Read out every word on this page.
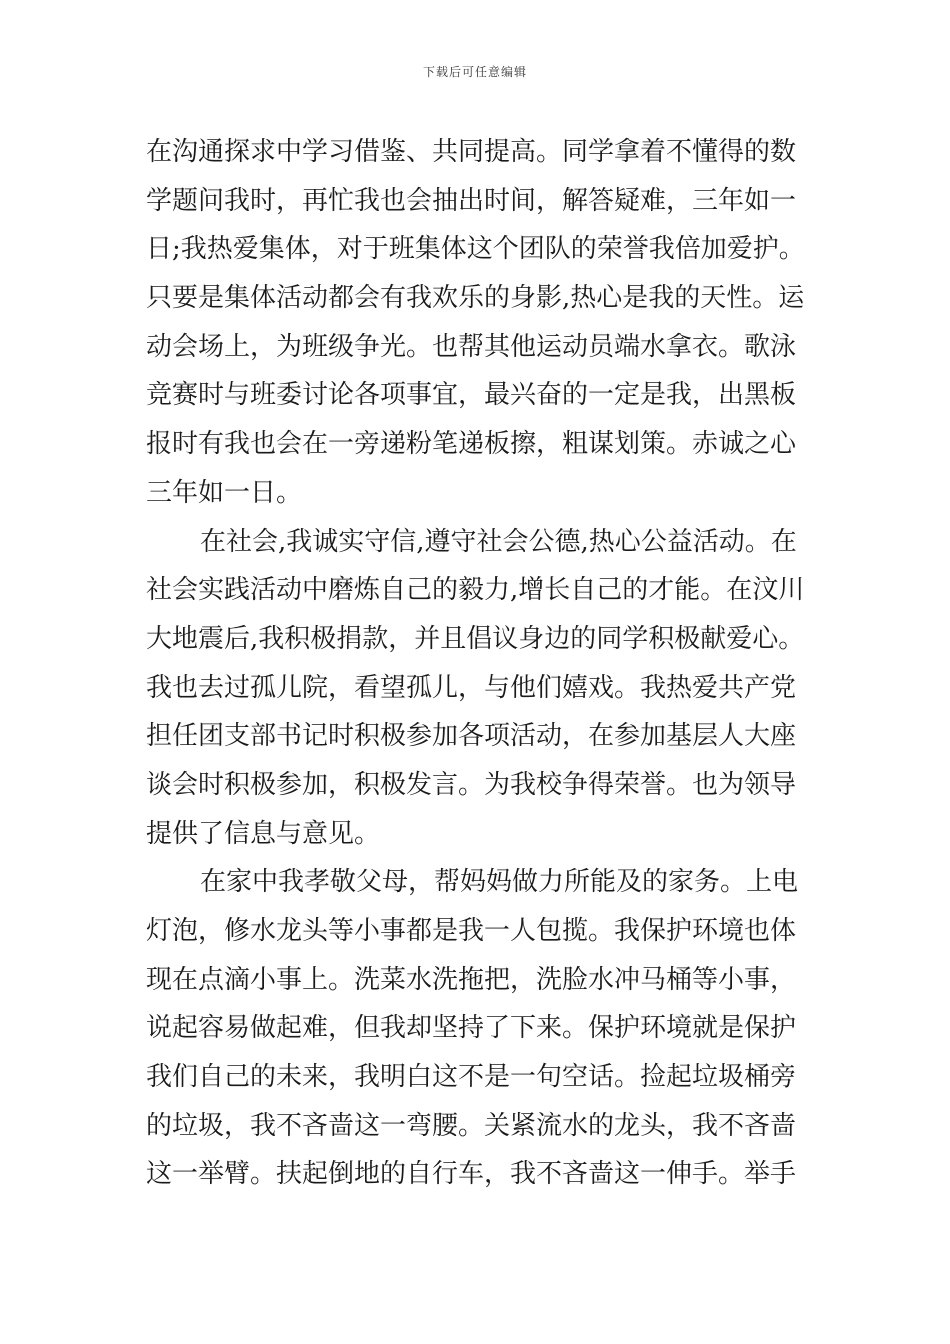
下载后可任意编辑
在沟通探求中学习借鉴、共同提高。同学拿着不懂得的数
学题问我时，再忙我也会抽出时间，解答疑难，三年如一
日;我热爱集体，对于班集体这个团队的荣誉我倍加爱护。
只要是集体活动都会有我欢乐的身影,热心是我的天性。运
动会场上，为班级争光。也帮其他运动员端水拿衣。歌泳
竞赛时与班委讨论各项事宜，最兴奋的一定是我，出黑板
报时有我也会在一旁递粉笔递板擦，粗谋划策。赤诚之心
三年如一日。
在社会,我诚实守信,遵守社会公德,热心公益活动。在
社会实践活动中磨炼自己的毅力,增长自己的才能。在汶川
大地震后,我积极捐款，并且倡议身边的同学积极献爱心。
我也去过孤儿院，看望孤儿，与他们嬉戏。我热爱共产党
担任团支部书记时积极参加各项活动，在参加基层人大座
谈会时积极参加，积极发言。为我校争得荣誉。也为领导
提供了信息与意见。
在家中我孝敬父母，帮妈妈做力所能及的家务。上电
灯泡，修水龙头等小事都是我一人包揽。我保护环境也体
现在点滴小事上。洗菜水洗拖把，洗脸水冲马桶等小事，
说起容易做起难，但我却坚持了下来。保护环境就是保护
我们自己的未来，我明白这不是一句空话。捡起垃圾桶旁
的垃圾，我不吝啬这一弯腰。关紧流水的龙头，我不吝啬
这一举臂。扶起倒地的自行车，我不吝啬这一伸手。举手
